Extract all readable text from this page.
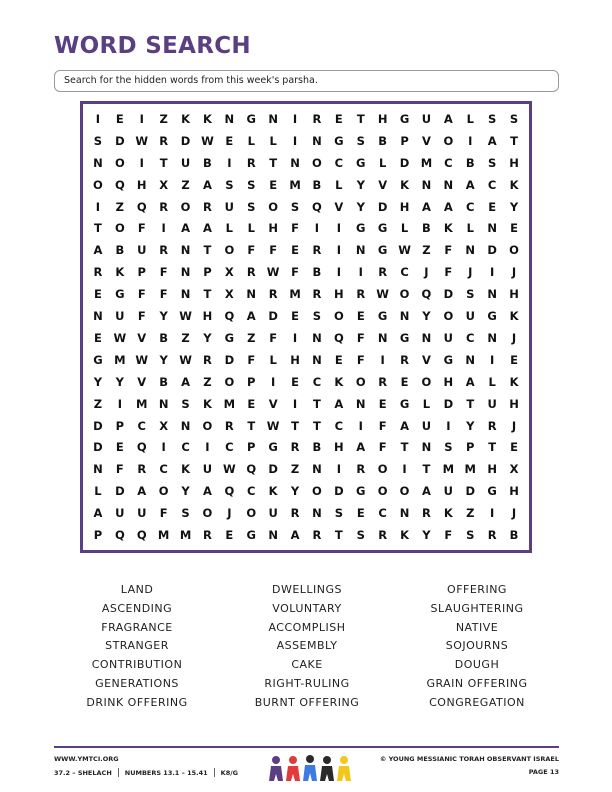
WORD SEARCH
Search for the hidden words from this week's parsha.
I	E	I	Z	K	K	N	G	N	I	R	E	T	H	G	U	A	L	S	S
S	D W R	D W	E	L	L	I	N	G	S	B	P	V	O	I	A	T
N	O	I	T	U	B	I	R	T	N	O	C	G	L	D M	C	B	S	H
O	Q	H	X	Z	A	S	S	E	M	B	L	Y	V	K	N	N	A	C	K
I	Z	Q	R	O	R	U	S	O	S	Q	V	Y	D	H	A	A	C	E	Y
T	O	F	I	A	A	L	L	H	F	I	I	G	G	L	B	K	L	N	E
A	B	U	R	N	T	O	F	F	E	R	I	N	G W Z	F	N	D	O
R	K	P	F	N	P	X	R W	F	B	I	I	R	C	J	F	J	I	J
E	G	F	F	N	T	X	N	R	M	R	H	R W O	Q	D	S	N	H
N	U	F	Y W H	Q	A	D	E	S	O	E	G	N	Y	O	U	G	K
E	W V	B	Z	Y	G	Z	F	I	N	Q	F	N	G	N	U	C	N	J
G M W Y W R	D	F	L	H	N	E	F	I	R	V	G	N	I	E
Y	Y	V	B	A	Z	O	P	I	E	C	K	O	R	E	O	H	A	L	K
Z	I	M N	S	K	M	E	V	I	T	A	N	E	G	L	D	T	U	H
D	P	C	X	N	O	R	T	W	T	T	C	I	F	A	U	I	Y	R	J
D	E	Q	I	C	I	C	P	G	R	B	H	A	F	T	N	S	P	T	E
N	F	R	C	K	U W Q	D	Z	N	I	R	O	I	T	M M H	X
L	D	A	O	Y	A	Q	C	K	Y	O	D	G	O	O	A	U	D	G	H
A	U	U	F	S	O	J	O	U	R	N	S	E	C	N	R	K	Z	I	J
P	Q	Q M M	R	E	G	N	A	R	T	S	R	K	Y	F	S	R	B
LAND	DWELLINGS	OFFERING
ASCENDING	VOLUNTARY	SLAUGHTERING
FRAGRANCE	ACCOMPLISH	NATIVE
STRANGER	ASSEMBLY	SOJOURNS
CONTRIBUTION	CAKE	DOUGH
GENERATIONS	RIGHT-RULING	GRAIN OFFERING
DRINK OFFERING	BURNT OFFERING	CONGREGATION
WWW.YMTCI.ORG
37.2 – SHELACH NUMBERS 13.1 – 15.41 K8/G
© YOUNG MESSIANIC TORAH OBSERVANT ISRAEL
PAGE 13
